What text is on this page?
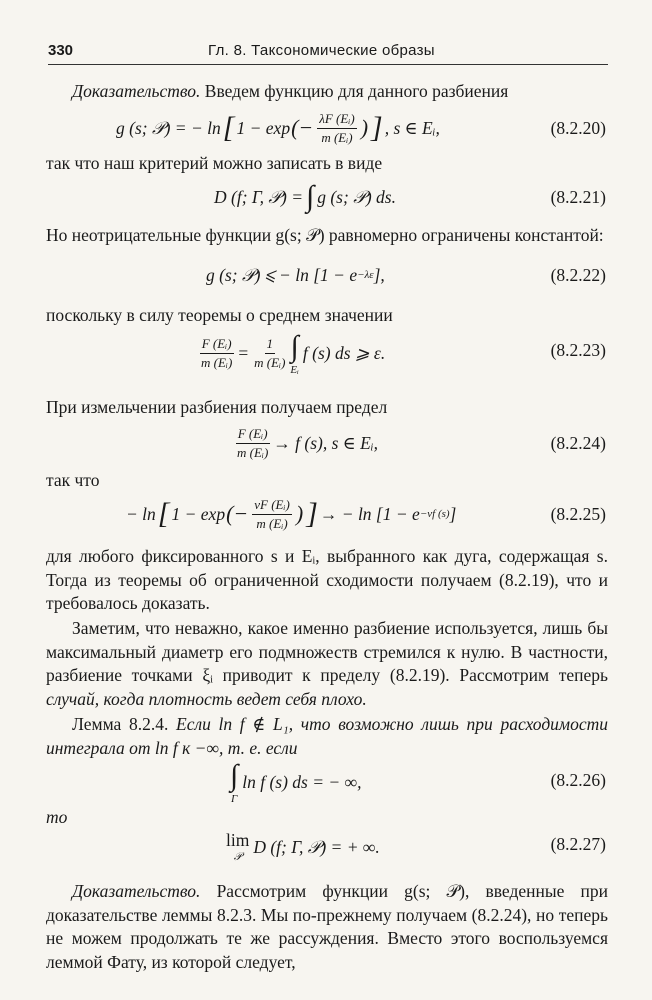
330	Гл. 8. Таксономические образы

Доказательство. Введем функцию для данного разбиения

g (s; 𝒫) = − ln [ 1 − exp (− $\frac{\text{λF (Eᵢ)}}{\text{m (Eᵢ)}}$ ) ] , s ∈ Eᵢ,	(8.2.20)

так что наш критерий можно записать в виде

D (f; Γ, 𝒫) = ∫ g (s; 𝒫) ds.	(8.2.21)

Но неотрицательные функции g(s; 𝒫) равномерно ограничены константой:

g (s; 𝒫) ⩽ − ln [1 − e −λε ],	(8.2.22)

поскольку в силу теоремы о среднем значении

$\frac{\text{F (Eᵢ)}}{\text{m (Eᵢ)}} = \frac{1}{\text{m (Eᵢ)}}$ ∫
Eᵢ
f (s) ds ⩾ ε.	(8.2.23)

При измельчении разбиения получаем предел

F (Eᵢ)
m (Eᵢ) → f (s), s ∈ Eᵢ,	(8.2.24)

так что

− ln [ 1 − exp (− $\frac{\text{νF (Eᵢ)}}{\text{m (Eᵢ)}}$ ) ] → − ln [1 − e −νf (s) ]	(8.2.25)

для любого фиксированного s и Eᵢ, выбранного как дуга, содержащая s. Тогда из теоремы об ограниченной сходимости получаем (8.2.19), что и требовалось доказать.

Заметим, что неважно, какое именно разбиение используется, лишь бы максимальный диаметр его подмножеств стремился к нулю. В частности, разбиение точками ξᵢ приводит к пределу (8.2.19). Рассмотрим теперь случай, когда плотность ведет себя плохо.

Лемма 8.2.4. Если ln f ∉ L₁, что возможно лишь при расходимости интеграла от ln f к −∞, т. е. если

∫
Γ
ln f (s) ds = − ∞,	(8.2.26)

то

lim
𝒫
D (f; Γ, 𝒫) = + ∞.	(8.2.27)

Доказательство. Рассмотрим функции g(s; 𝒫), введенные при доказательстве леммы 8.2.3. Мы по-прежнему получаем (8.2.24), но теперь не можем продолжать те же рассуждения. Вместо этого воспользуемся леммой Фату, из которой следует,
